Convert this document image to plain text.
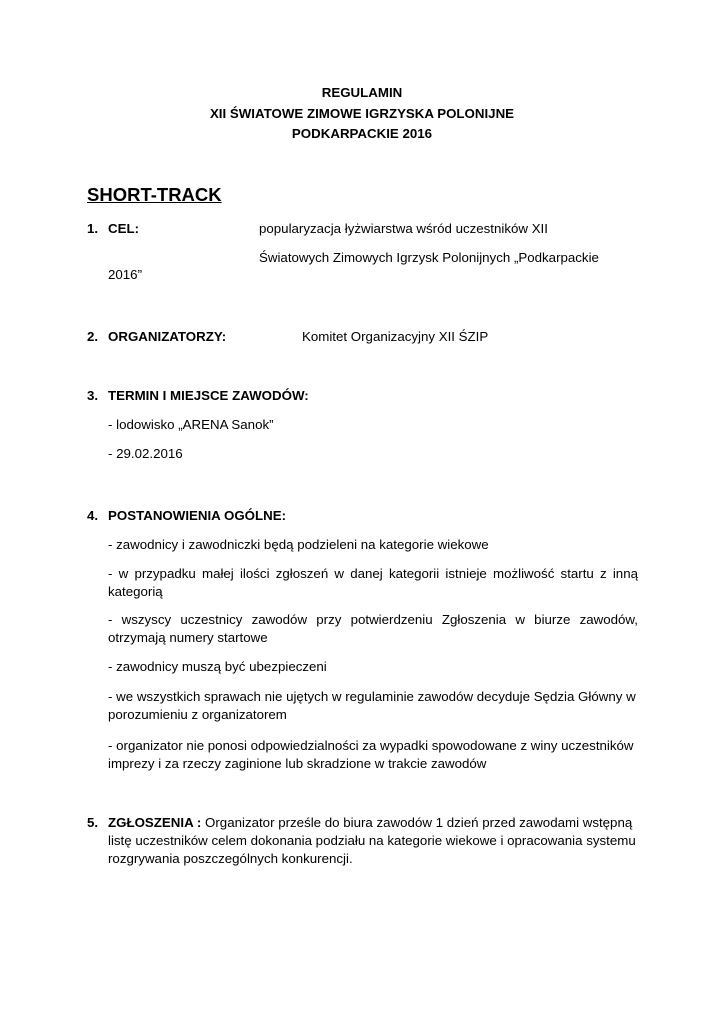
REGULAMIN
XII ŚWIATOWE ZIMOWE IGRZYSKA POLONIJNE
PODKARPACKIE 2016
SHORT-TRACK
1. CEL:	popularyzacja łyżwiarstwa wśród uczestników XII
Światowych Zimowych Igrzysk Polonijnych „Podkarpackie
2016”
2. ORGANIZATORZY:	Komitet Organizacyjny XII ŚZIP
3. TERMIN I MIEJSCE ZAWODÓW:
- lodowisko „ARENA Sanok”
- 29.02.2016
4. POSTANOWIENIA OGÓLNE:
- zawodnicy i zawodniczki będą podzieleni na kategorie wiekowe
- w przypadku małej ilości zgłoszeń w danej kategorii istnieje możliwość startu z inną kategorią
- wszyscy uczestnicy zawodów przy potwierdzeniu Zgłoszenia w biurze zawodów, otrzymają numery startowe
- zawodnicy muszą być ubezpieczeni
- we wszystkich sprawach nie ujętych w regulaminie zawodów decyduje Sędzia Główny w porozumieniu z organizatorem
- organizator nie ponosi odpowiedzialności za wypadki spowodowane z winy uczestników imprezy i za rzeczy zaginione lub skradzione w trakcie zawodów
5. ZGŁOSZENIA : Organizator prześle do biura zawodów 1 dzień przed zawodami wstępną listę uczestników celem dokonania podziału na kategorie wiekowe i opracowania systemu rozgrywania poszczególnych konkurencji.
